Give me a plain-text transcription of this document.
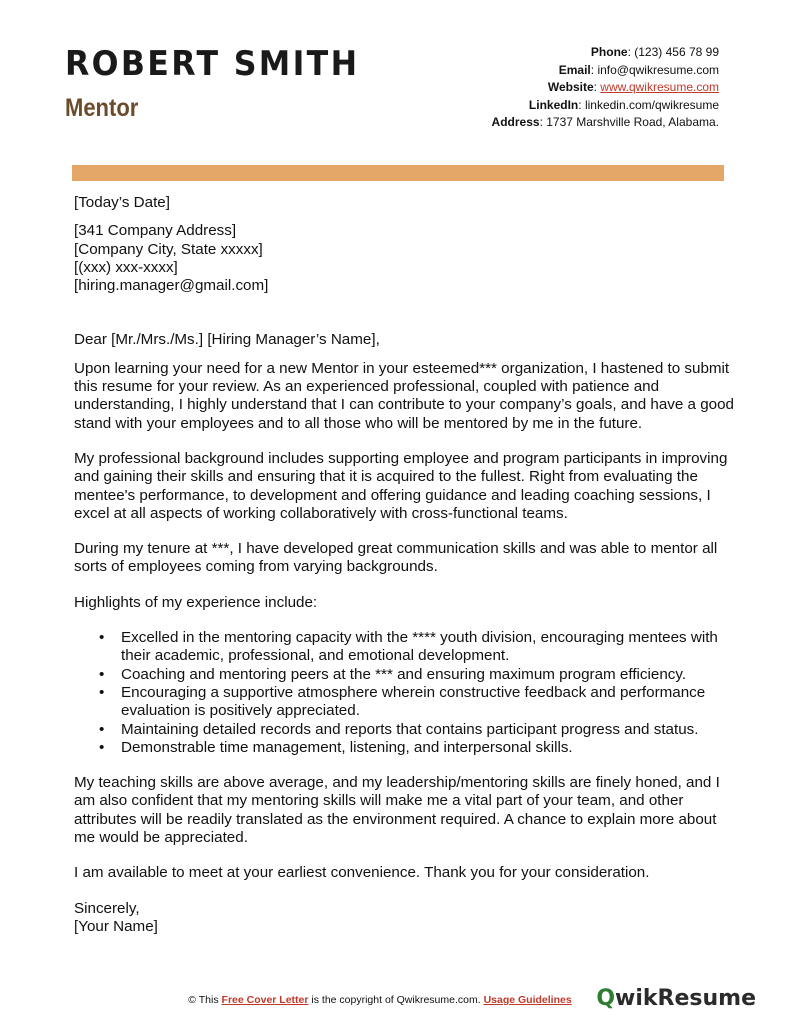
ROBERT SMITH
Mentor
Phone: (123) 456 78 99
Email: info@qwikresume.com
Website: www.qwikresume.com
LinkedIn: linkedin.com/qwikresume
Address: 1737 Marshville Road, Alabama.

[Today’s Date]

[341 Company Address]

[Company City, State xxxxx]

[(xxx) xxx-xxxx]

[hiring.manager@gmail.com]

Dear [Mr./Mrs./Ms.] [Hiring Manager’s Name],

Upon learning your need for a new Mentor in your esteemed*** organization, I hastened to submit this resume for your review. As an experienced professional, coupled with patience and understanding, I highly understand that I can contribute to your company’s goals, and have a good stand with your employees and to all those who will be mentored by me in the future.

My professional background includes supporting employee and program participants in improving and gaining their skills and ensuring that it is acquired to the fullest. Right from evaluating the mentee's performance, to development and offering guidance and leading coaching sessions, I excel at all aspects of working collaboratively with cross-functional teams.

During my tenure at ***, I have developed great communication skills and was able to mentor all sorts of employees coming from varying backgrounds.

Highlights of my experience include:

• Excelled in the mentoring capacity with the **** youth division, encouraging mentees with their academic, professional, and emotional development.
• Coaching and mentoring peers at the *** and ensuring maximum program efficiency.
• Encouraging a supportive atmosphere wherein constructive feedback and performance evaluation is positively appreciated.
• Maintaining detailed records and reports that contains participant progress and status.
• Demonstrable time management, listening, and interpersonal skills.

My teaching skills are above average, and my leadership/mentoring skills are finely honed, and I am also confident that my mentoring skills will make me a vital part of your team, and other attributes will be readily translated as the environment required. A chance to explain more about me would be appreciated.

I am available to meet at your earliest convenience. Thank you for your consideration.

Sincerely,

[Your Name]

© This Free Cover Letter is the copyright of Qwikresume.com. Usage Guidelines	QwikResume
